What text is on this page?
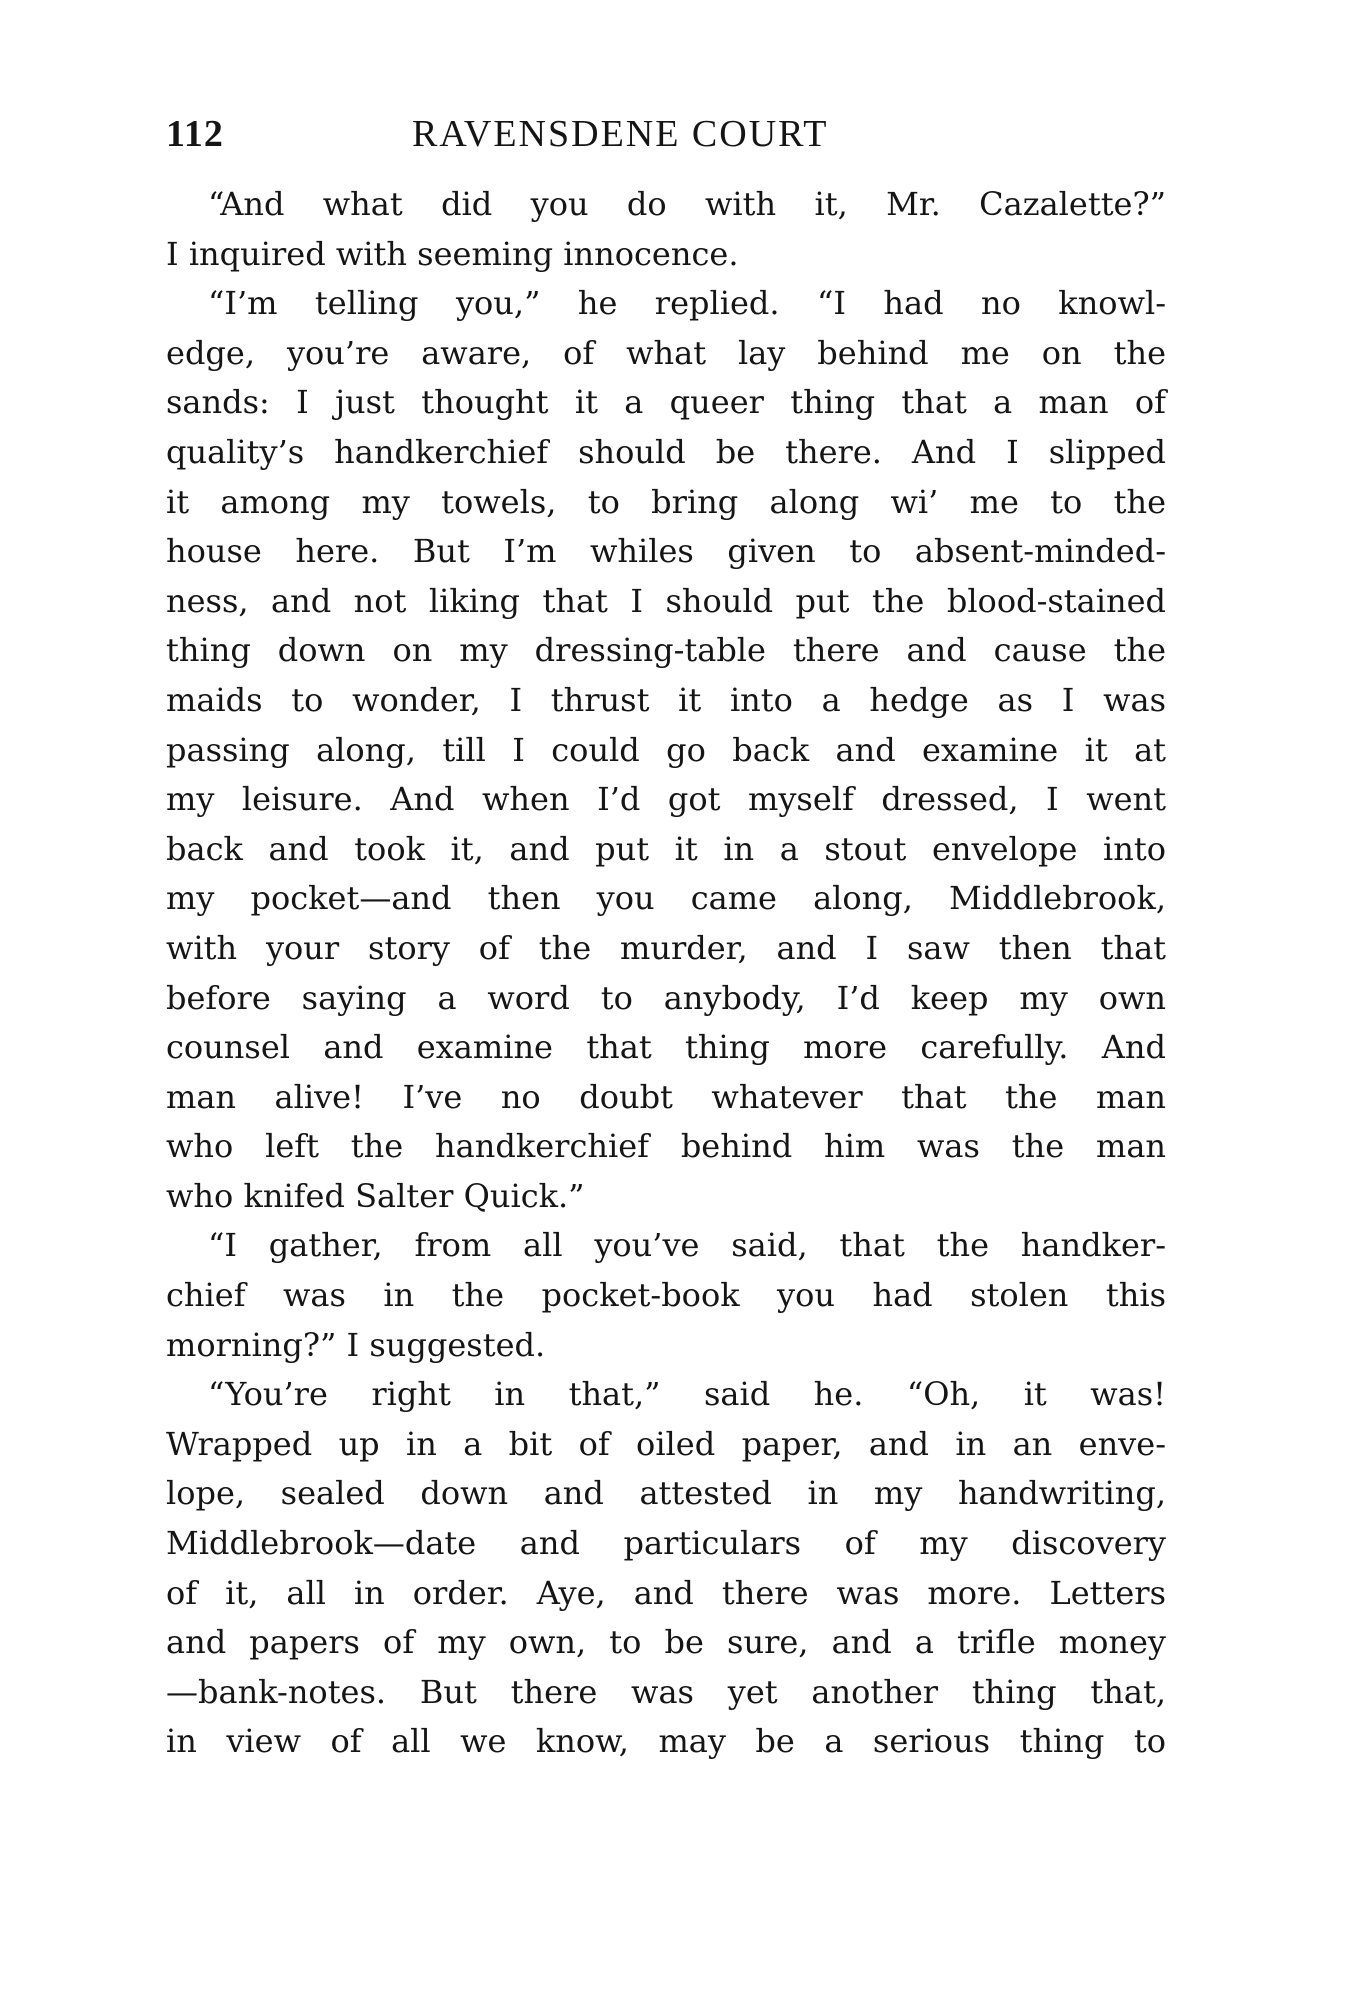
112	RAVENSDENE COURT
“And what did you do with it, Mr. Cazalette?”
I inquired with seeming innocence.
“I’m telling you,” he replied. “I had no knowl-
edge, you’re aware, of what lay behind me on the
sands: I just thought it a queer thing that a man of
quality’s handkerchief should be there. And I slipped
it among my towels, to bring along wi’ me to the
house here. But I’m whiles given to absent-minded-
ness, and not liking that I should put the blood-stained
thing down on my dressing-table there and cause the
maids to wonder, I thrust it into a hedge as I was
passing along, till I could go back and examine it at
my leisure. And when I’d got myself dressed, I went
back and took it, and put it in a stout envelope into
my pocket—and then you came along, Middlebrook,
with your story of the murder, and I saw then that
before saying a word to anybody, I’d keep my own
counsel and examine that thing more carefully. And
man alive! I’ve no doubt whatever that the man
who left the handkerchief behind him was the man
who knifed Salter Quick.”
“I gather, from all you’ve said, that the handker-
chief was in the pocket-book you had stolen this
morning?” I suggested.
“You’re right in that,” said he. “Oh, it was!
Wrapped up in a bit of oiled paper, and in an enve-
lope, sealed down and attested in my handwriting,
Middlebrook—date and particulars of my discovery
of it, all in order. Aye, and there was more. Letters
and papers of my own, to be sure, and a trifle money
—bank-notes. But there was yet another thing that,
in view of all we know, may be a serious thing to
